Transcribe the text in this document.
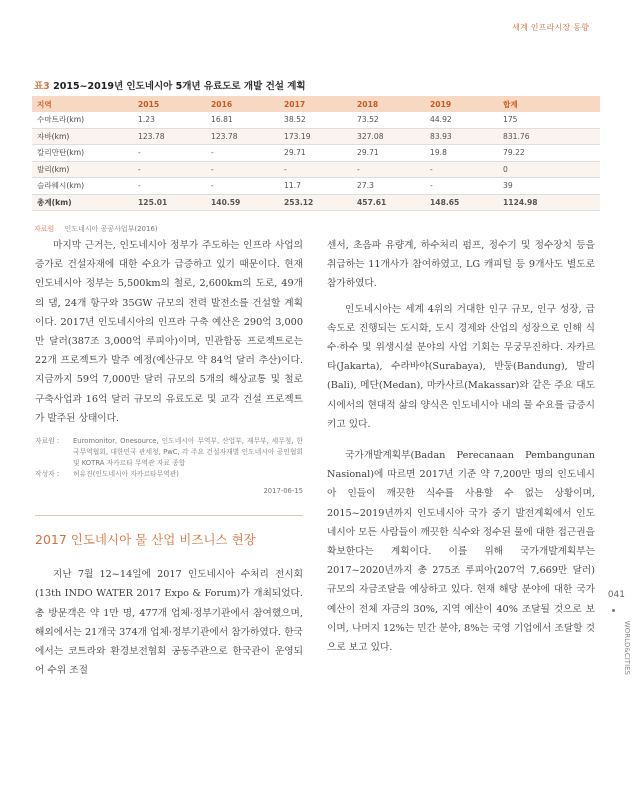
세계 인프라시장 동향
표3 2015~2019년 인도네시아 5개년 유료도로 개발 건설 계획
지역	2015	2016	2017	2018	2019	합계
수마트라(km)	1.23	16.81	38.52	73.52	44.92	175
자바(km)	123.78	123.78	173.19	327.08	83.93	831.76
칼리만탄(km)	-	-	29.71	29.71	19.8	79.22
발리(km)	-	-	-	-	-	0
슬라웨시(km)	-	-	11.7	27.3	-	39
총계(km)	125.01	140.59	253.12	457.61	148.65	1124.98
자료원 인도네시아 공공사업부(2016)

마지막 근거는, 인도네시아 정부가 주도하는 인프라 사업의 증가로 건설자재에 대한 수요가 급증하고 있기 때문이다. 현재 인도네시아 정부는 5,500km의 철로, 2,600km의 도로, 49개의 댐, 24개 항구와 35GW 규모의 전력 발전소를 건설할 계획이다. 2017년 인도네시아의 인프라 구축 예산은 290억 3,000만 달러(387조 3,000억 루피아)이며, 민관합동 프로젝트로는 22개 프로젝트가 발주 예정(예산규모 약 84억 달러 추산)이다. 지금까지 59억 7,000만 달러 규모의 5개의 해상교통 및 철로 구축사업과 16억 달러 규모의 유료도로 및 교각 건설 프로젝트가 발주된 상태이다.

자료원 :	Euromonitor, Onesource, 인도네시아 무역부, 산업부, 재무부, 세무청, 한국무역협회, 대한민국 관세청, PwC, 각 주요 건설자재별 인도네시아 공인협회 및 KOTRA 자카르타 무역관 자료 종합
작성자 :	허유진(인도네시아 자카르타무역관)
2017-06-15
2017 인도네시아 물 산업 비즈니스 현장

지난 7월 12~14일에 2017 인도네시아 수처리 전시회(13th INDO WATER 2017 Expo & Forum)가 개최되었다. 총 방문객은 약 1만 명, 477개 업체·정부기관에서 참여했으며, 해외에서는 21개국 374개 업체·정부기관에서 참가하였다. 한국에서는 코트라와 환경보전협회 공동주관으로 한국관이 운영되어 수위 조절

센서, 초음파 유량계, 하수처리 펌프, 정수기 및 정수장치 등을 취급하는 11개사가 참여하였고, LG 캐피털 등 9개사도 별도로 참가하였다.

인도네시아는 세계 4위의 거대한 인구 규모, 인구 성장, 급속도로 진행되는 도시화, 도시 경제와 산업의 성장으로 인해 식수·하수 및 위생시설 분야의 사업 기회는 무궁무진하다. 자카르타(Jakarta), 수라바야(Surabaya), 반둥(Bandung), 발리(Bali), 메단(Medan), 마카사르(Makassar)와 같은 주요 대도시에서의 현대적 삶의 양식은 인도네시아 내의 물 수요를 급증시키고 있다.

국가개발계획부(Badan Perecanaan Pembangunan Nasional)에 따르면 2017년 기준 약 7,200만 명의 인도네시아 인들이 깨끗한 식수를 사용할 수 없는 상황이며, 2015~2019년까지 인도네시아 국가 중기 발전계획에서 인도네시아 모든 사람들이 깨끗한 식수와 정수된 물에 대한 접근권을 확보한다는 계획이다. 이를 위해 국가개발계획부는 2017~2020년까지 총 275조 루피아(207억 7,669만 달러) 규모의 자금조달을 예상하고 있다. 현재 해당 분야에 대한 국가 예산이 전체 자금의 30%, 지역 예산이 40% 조달될 것으로 보이며, 나머지 12%는 민간 분야, 8%는 국영 기업에서 조달할 것으로 보고 있다.

041
WORLD&CITIES
